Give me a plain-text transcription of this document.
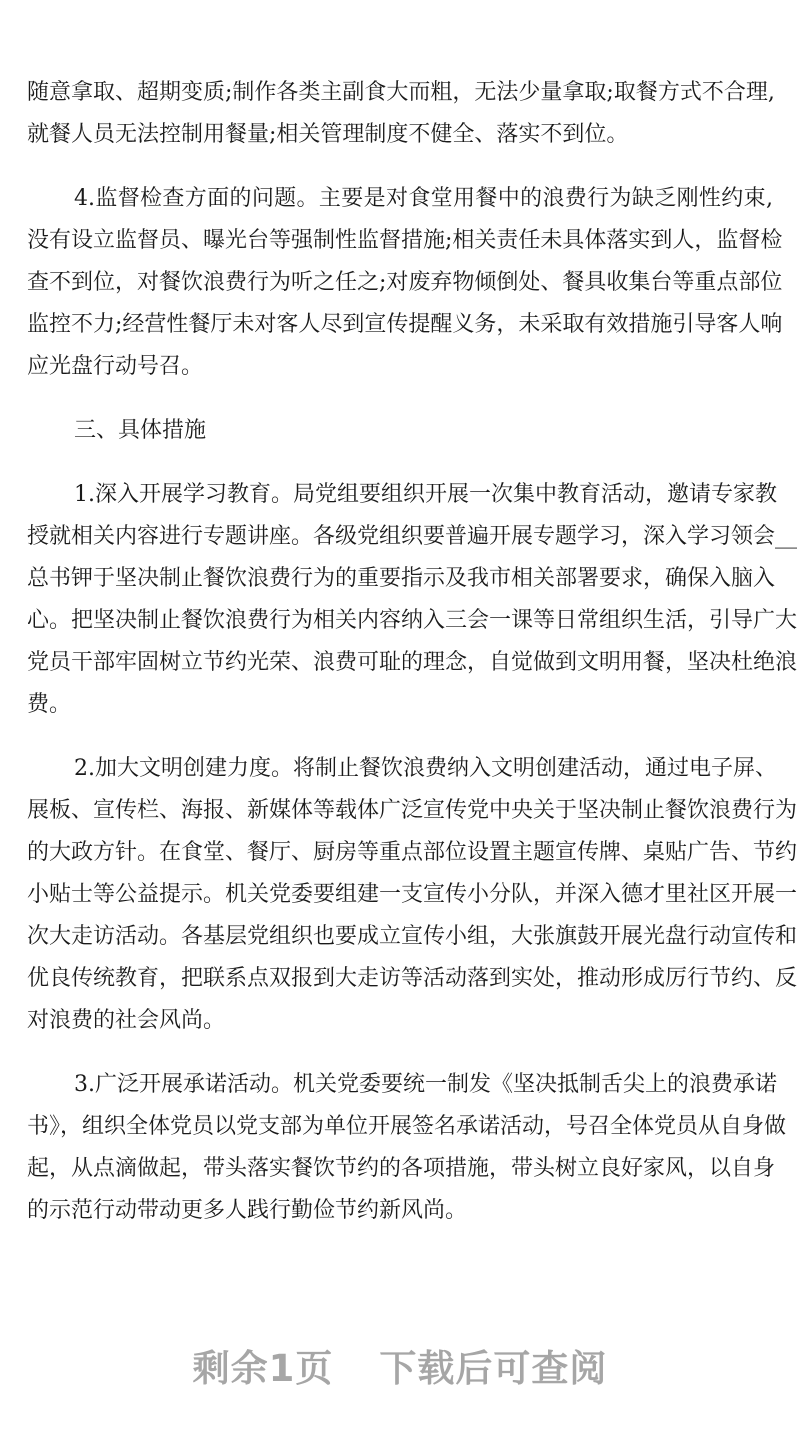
随意拿取、超期变质;制作各类主副食大而粗，无法少量拿取;取餐方式不合理,
就餐人员无法控制用餐量;相关管理制度不健全、落实不到位。
4.监督检查方面的问题。主要是对食堂用餐中的浪费行为缺乏刚性约束,
没有设立监督员、曝光台等强制性监督措施;相关责任未具体落实到人，监督检
查不到位，对餐饮浪费行为听之任之;对废弃物倾倒处、餐具收集台等重点部位
监控不力;经营性餐厅未对客人尽到宣传提醒义务，未采取有效措施引导客人响
应光盘行动号召。
三、具体措施
1.深入开展学习教育。局党组要组织开展一次集中教育活动，邀请专家教
授就相关内容进行专题讲座。各级党组织要普遍开展专题学习，深入学习领会__
总书钾于坚决制止餐饮浪费行为的重要指示及我市相关部署要求，确保入脑入
心。把坚决制止餐饮浪费行为相关内容纳入三会一课等日常组织生活，引导广大
党员干部牢固树立节约光荣、浪费可耻的理念，自觉做到文明用餐，坚决杜绝浪
费。
2.加大文明创建力度。将制止餐饮浪费纳入文明创建活动，通过电子屏、
展板、宣传栏、海报、新媒体等载体广泛宣传党中央关于坚决制止餐饮浪费行为
的大政方针。在食堂、餐厅、厨房等重点部位设置主题宣传牌、桌贴广告、节约
小贴士等公益提示。机关党委要组建一支宣传小分队，并深入德才里社区开展一
次大走访活动。各基层党组织也要成立宣传小组，大张旗鼓开展光盘行动宣传和
优良传统教育，把联系点双报到大走访等活动落到实处，推动形成厉行节约、反
对浪费的社会风尚。
3.广泛开展承诺活动。机关党委要统一制发《坚决抵制舌尖上的浪费承诺
书》，组织全体党员以党支部为单位开展签名承诺活动，号召全体党员从自身做
起，从点滴做起，带头落实餐饮节约的各项措施，带头树立良好家风，以自身
的示范行动带动更多人践行勤俭节约新风尚。
剩余1页 下载后可查阅
